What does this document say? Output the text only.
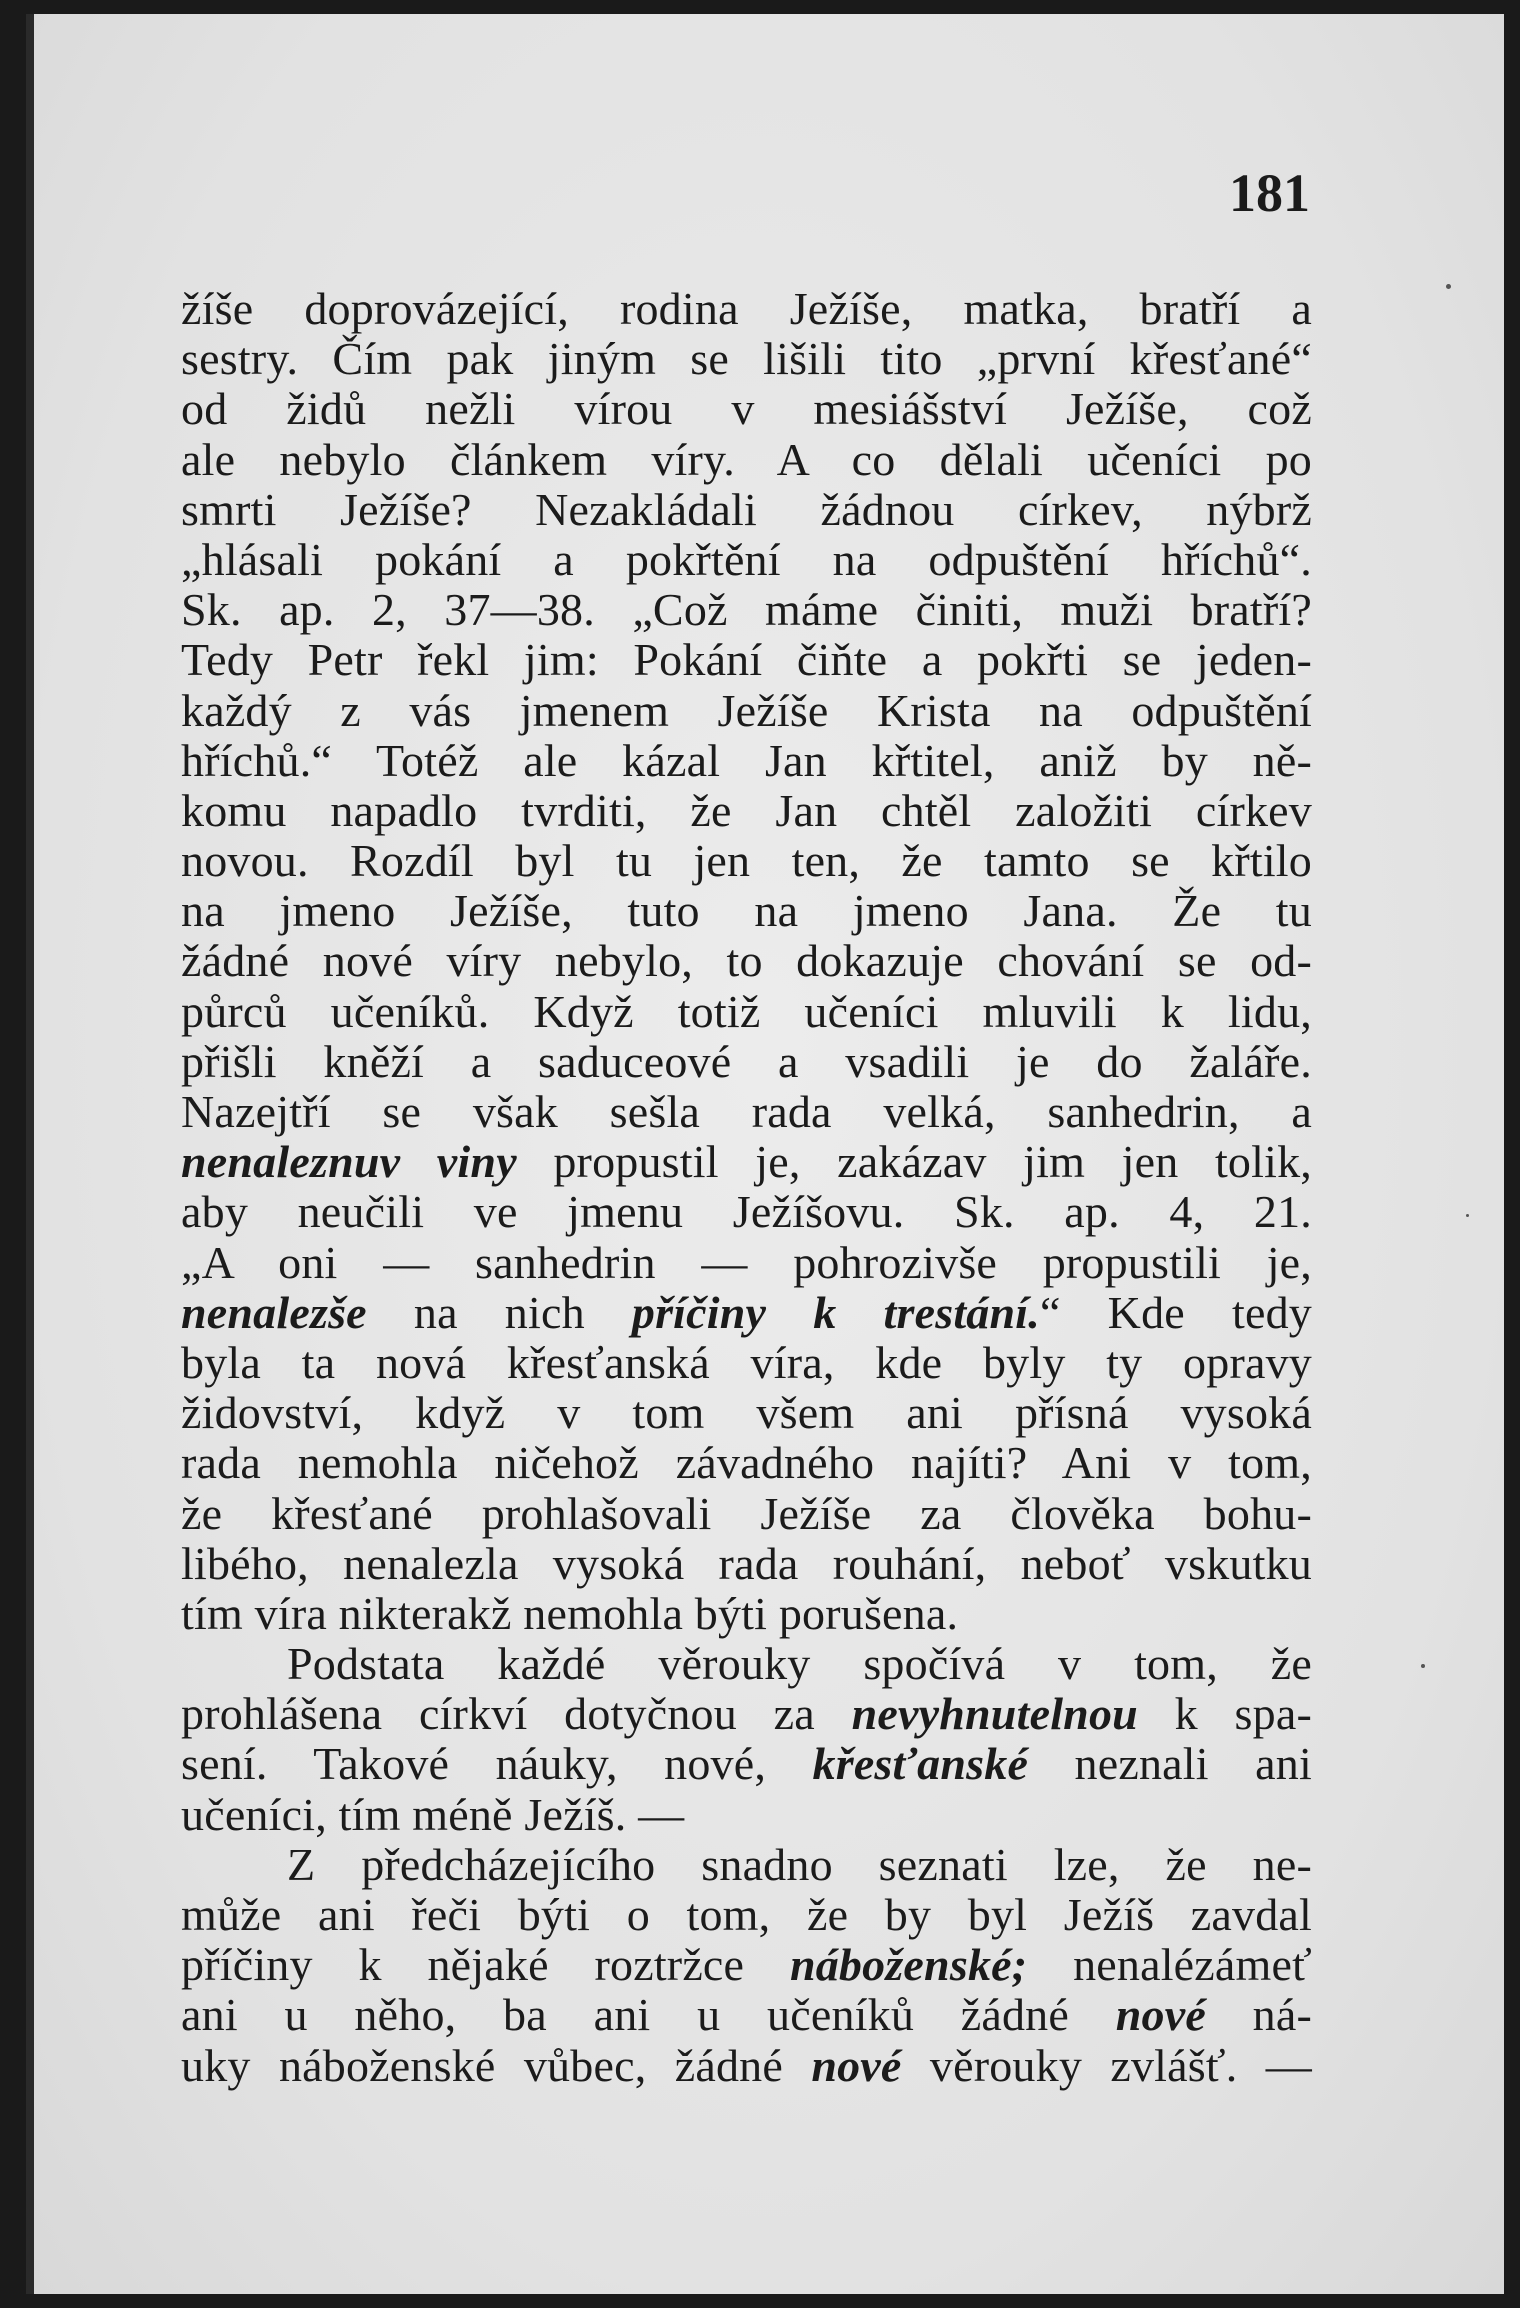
181
žíše doprovázející, rodina Ježíše, matka, bratří a
sestry. Čím pak jiným se lišili tito „první křesťané“
od židů nežli vírou v mesiášství Ježíše, což
ale nebylo článkem víry. A co dělali učeníci po
smrti Ježíše? Nezakládali žádnou církev, nýbrž
„hlásali pokání a pokřtění na odpuštění hříchů“.
Sk. ap. 2, 37—38. „Což máme činiti, muži bratří?
Tedy Petr řekl jim: Pokání čiňte a pokřti se jeden-
každý z vás jmenem Ježíše Krista na odpuštění
hříchů.“ Totéž ale kázal Jan křtitel, aniž by ně-
komu napadlo tvrditi, že Jan chtěl založiti církev
novou. Rozdíl byl tu jen ten, že tamto se křtilo
na jmeno Ježíše, tuto na jmeno Jana. Že tu
žádné nové víry nebylo, to dokazuje chování se od-
půrců učeníků. Když totiž učeníci mluvili k lidu,
přišli kněží a saduceové a vsadili je do žaláře.
Nazejtří se však sešla rada velká, sanhedrin, a
nenaleznuv viny propustil je, zakázav jim jen tolik,
aby neučili ve jmenu Ježíšovu. Sk. ap. 4, 21.
„A oni — sanhedrin — pohrozivše propustili je,
nenalezše na nich příčiny k trestání.“ Kde tedy
byla ta nová křesťanská víra, kde byly ty opravy
židovství, když v tom všem ani přísná vysoká
rada nemohla ničehož závadného najíti? Ani v tom,
že křesťané prohlašovali Ježíše za člověka bohu-
libého, nenalezla vysoká rada rouhání, neboť vskutku
tím víra nikterakž nemohla býti porušena.
Podstata každé věrouky spočívá v tom, že
prohlášena církví dotyčnou za nevyhnutelnou k spa-
sení. Takové náuky, nové, křesťanské neznali ani
učeníci, tím méně Ježíš. —
Z předcházejícího snadno seznati lze, že ne-
může ani řeči býti o tom, že by byl Ježíš zavdal
příčiny k nějaké roztržce náboženské; nenalézámeť
ani u něho, ba ani u učeníků žádné nové ná-
uky náboženské vůbec, žádné nové věrouky zvlášť. —
